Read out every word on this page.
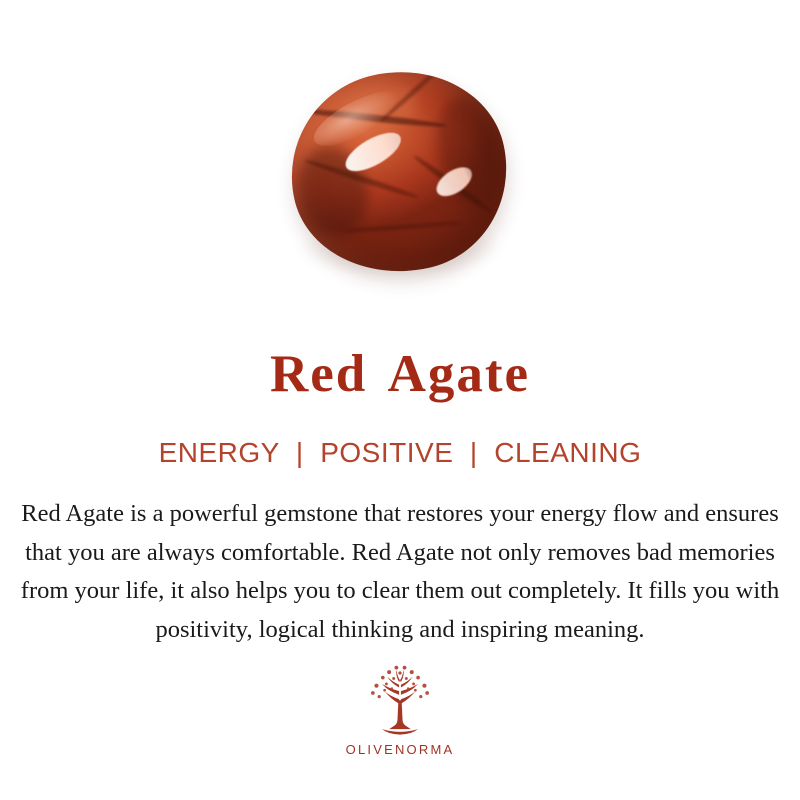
Red Agate
ENERGY  |  POSITIVE  |  CLEANING

Red Agate is a powerful gemstone that restores your energy flow and ensures that you are always comfortable. Red Agate not only removes bad memories from your life, it also helps you to clear them out completely. It fills you with positivity, logical thinking and inspiring meaning.

OLIVENORMA
